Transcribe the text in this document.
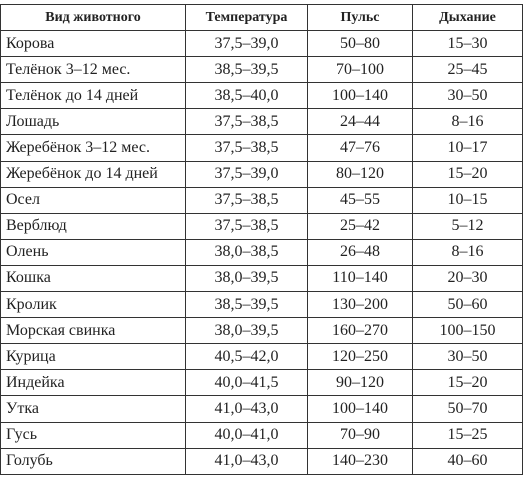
Вид животного	Температура	Пульс	Дыхание
Корова	37,5–39,0	50–80	15–30
Телёнок 3–12 мес.	38,5–39,5	70–100	25–45
Телёнок до 14 дней	38,5–40,0	100–140	30–50
Лошадь	37,5–38,5	24–44	8–16
Жеребёнок 3–12 мес.	37,5–38,5	47–76	10–17
Жеребёнок до 14 дней	37,5–39,0	80–120	15–20
Осел	37,5–38,5	45–55	10–15
Верблюд	37,5–38,5	25–42	5–12
Олень	38,0–38,5	26–48	8–16
Кошка	38,0–39,5	110–140	20–30
Кролик	38,5–39,5	130–200	50–60
Морская свинка	38,0–39,5	160–270	100–150
Курица	40,5–42,0	120–250	30–50
Индейка	40,0–41,5	90–120	15–20
Утка	41,0–43,0	100–140	50–70
Гусь	40,0–41,0	70–90	15–25
Голубь	41,0–43,0	140–230	40–60
